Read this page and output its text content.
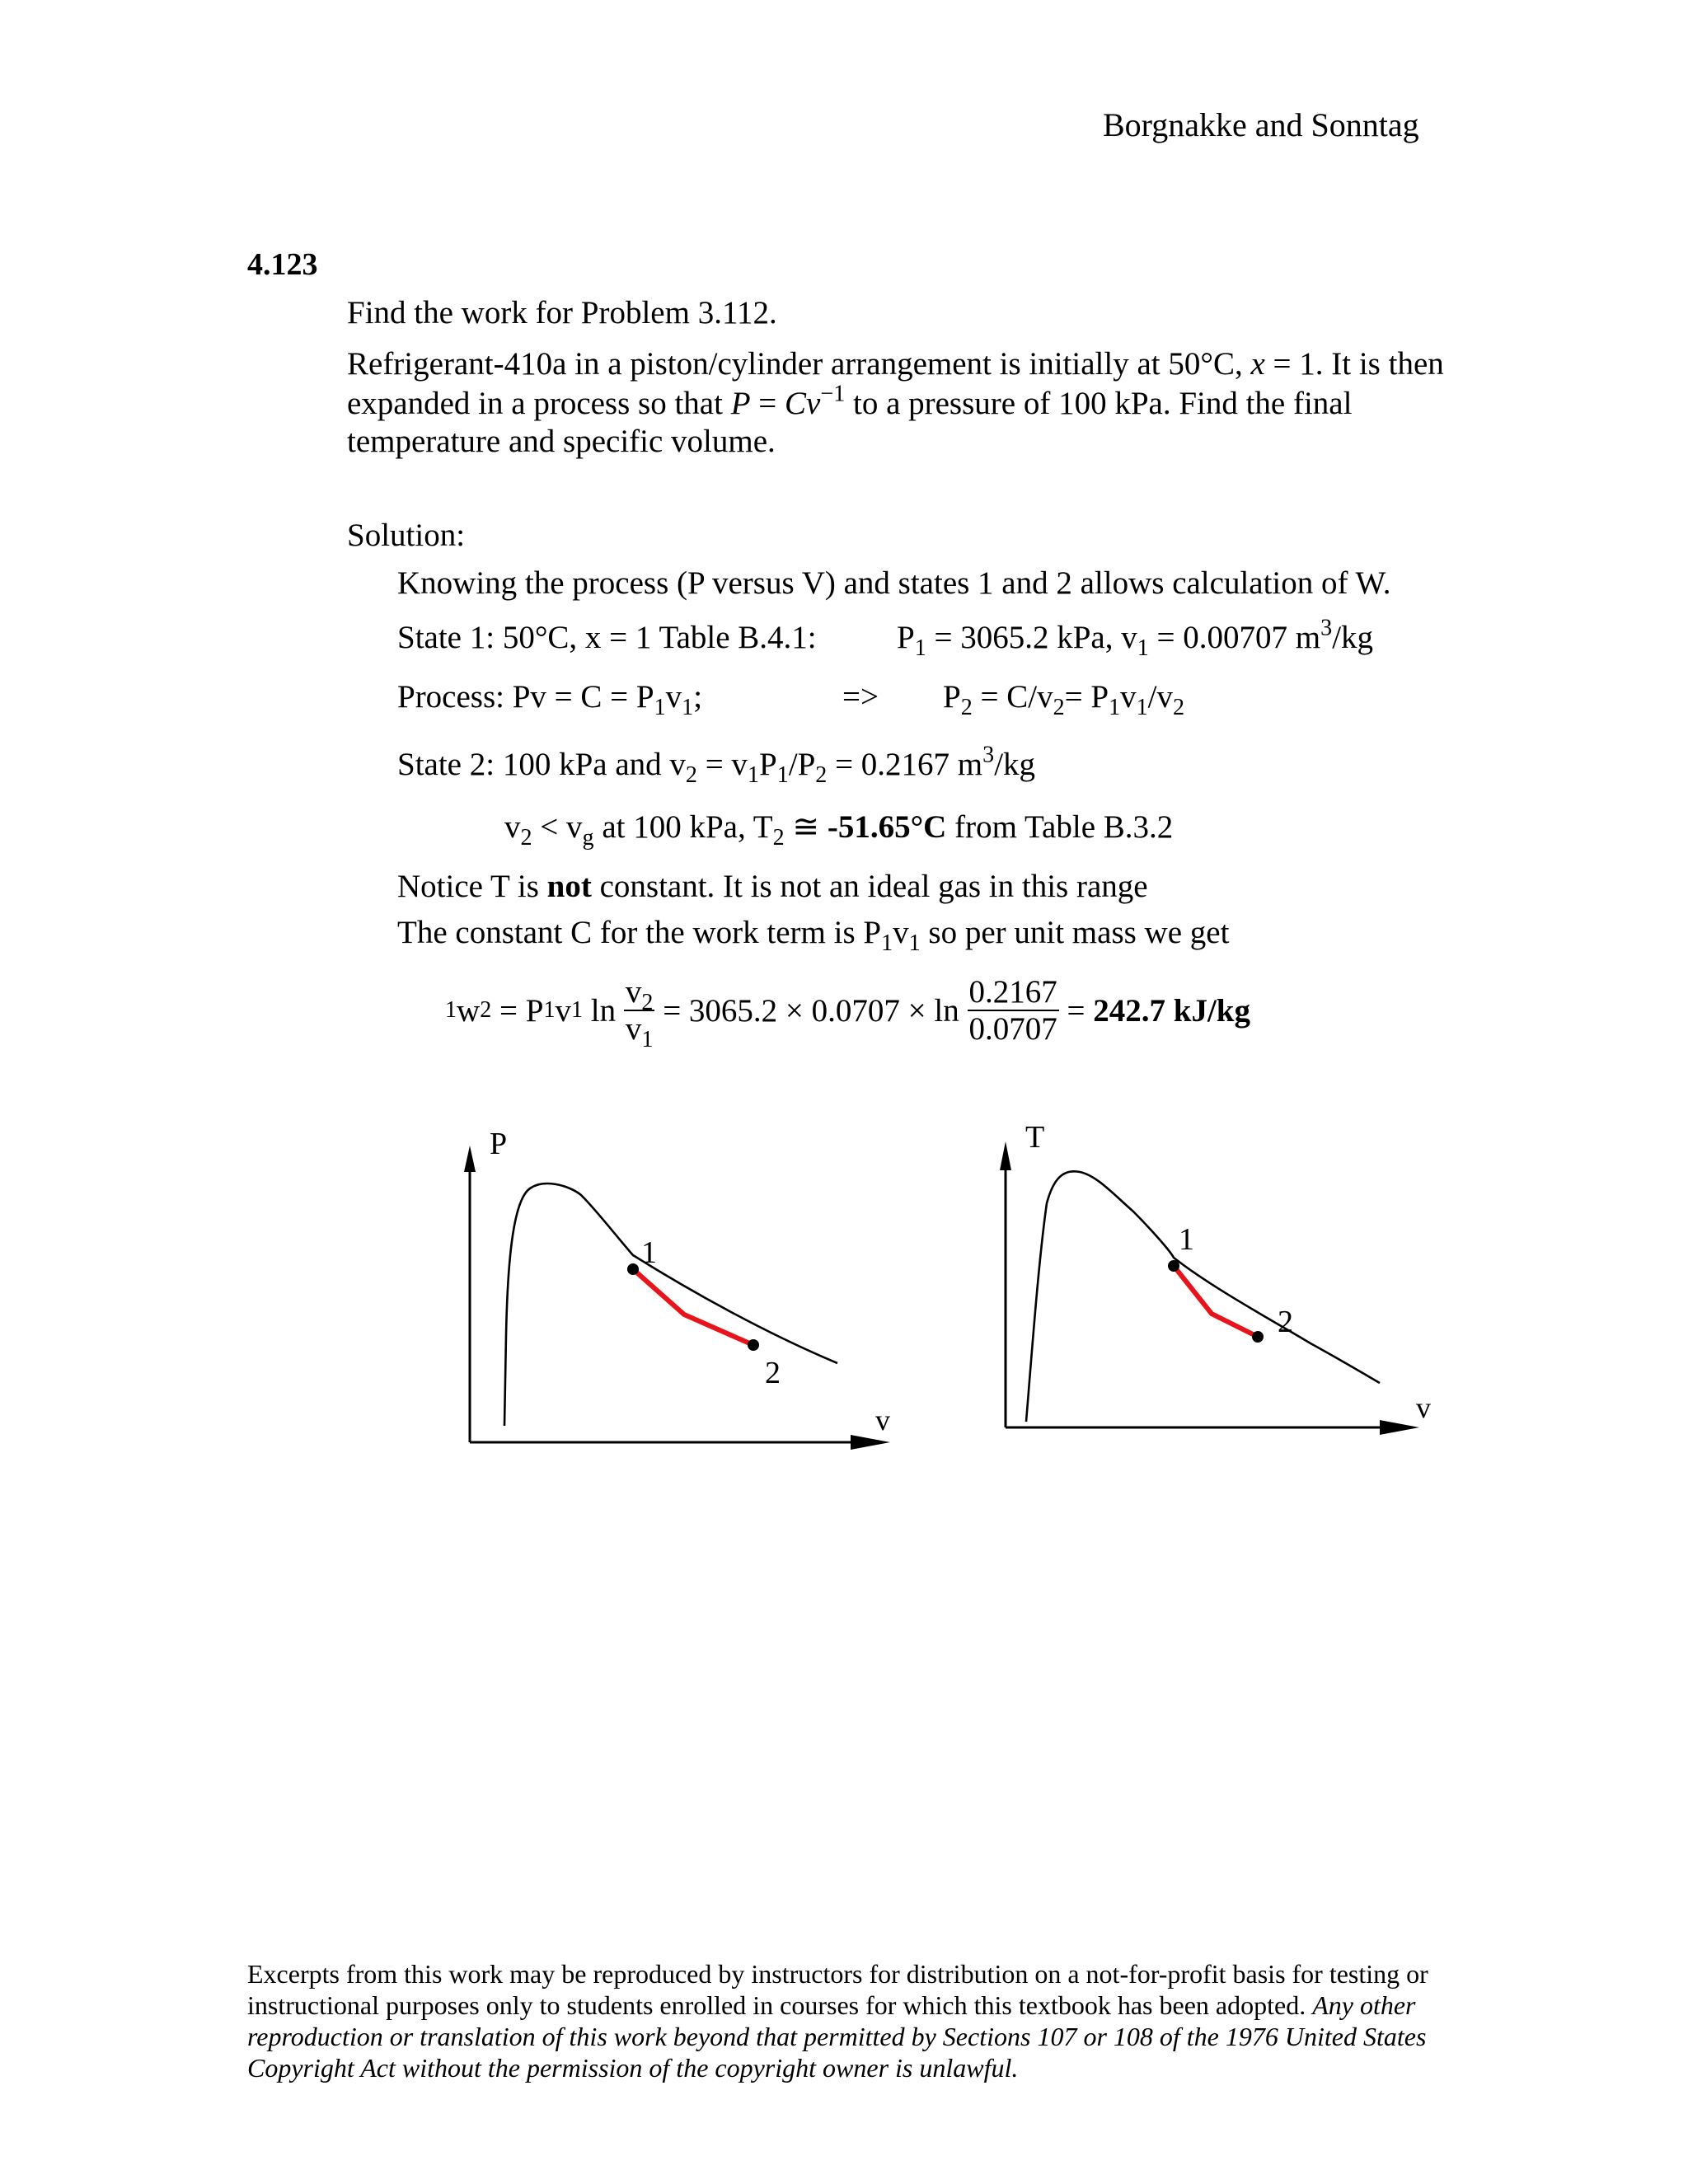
Borgnakke and Sonntag
4.123
Find the work for Problem 3.112.
Refrigerant-410a in a piston/cylinder arrangement is initially at 50°C, x = 1. It is then
expanded in a process so that $P = Cv^{-1}$ to a pressure of 100 kPa. Find the final
temperature and specific volume.
Solution:
Knowing the process (P versus V) and states 1 and 2 allows calculation of W.
State 1: 50°C, x = 1 Table B.4.1: $P_1 = 3065.2$ kPa, $v_1 = 0.00707$ $m^3/kg$
Process: $Pv = C = P_1v_1$;	=> $P_2 = C/v_2= P_1v_1/v_2$
State 2: 100 kPa and $v_2 = v_1P_1/P_2 = 0.2167$ $m^3/kg$
$v_2 < v_g$ at 100 kPa, $T_2$ ≅ -51.65°C from Table B.3.2
Notice T is not constant. It is not an ideal gas in this range
The constant C for the work term is $P_1v_1$ so per unit mass we get
1 w 2 = P 1 v 1 $\ln \frac{v_2}{v_1} = 3065.2 \times 0.0707 \times \ln \frac{0.2167}{0.0707} = 242.7$ kJ/kg
P
v
1
2
T
v
1
2
Excerpts from this work may be reproduced by instructors for distribution on a not-for-profit basis for testing or instructional purposes only to students enrolled in courses for which this textbook has been adopted. Any other reproduction or translation of this work beyond that permitted by Sections 107 or 108 of the 1976 United States Copyright Act without the permission of the copyright owner is unlawful.
